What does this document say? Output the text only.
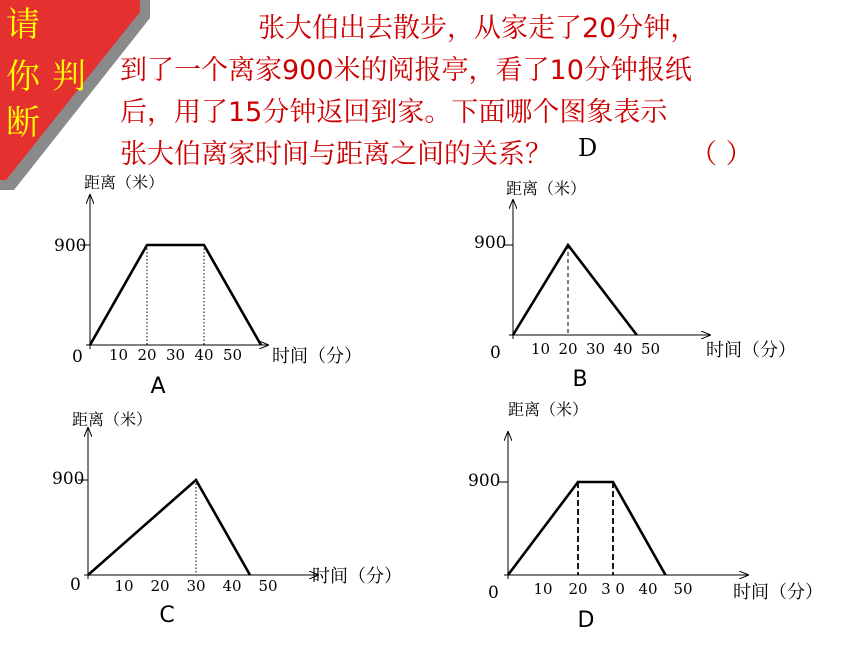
请
你 判
断

张大伯出去散步，从家走了20分钟，

到了一个离家900米的阅报亭，看了10分钟报纸

后，用了15分钟返回到家。下面哪个图象表示

张大伯离家时间与距离之间的关系？	D	（ ）
10 20 30 40 50
900
0
距离（米）
时间（分）
A
10 20 30 40 50
900
0
距离（米）
时间（分）
B
10 20 30 40 50
900
0
距离（米）
时间（分）
C
10 20 3 0 40 50
900
0
距离（米）
时间（分）
D
